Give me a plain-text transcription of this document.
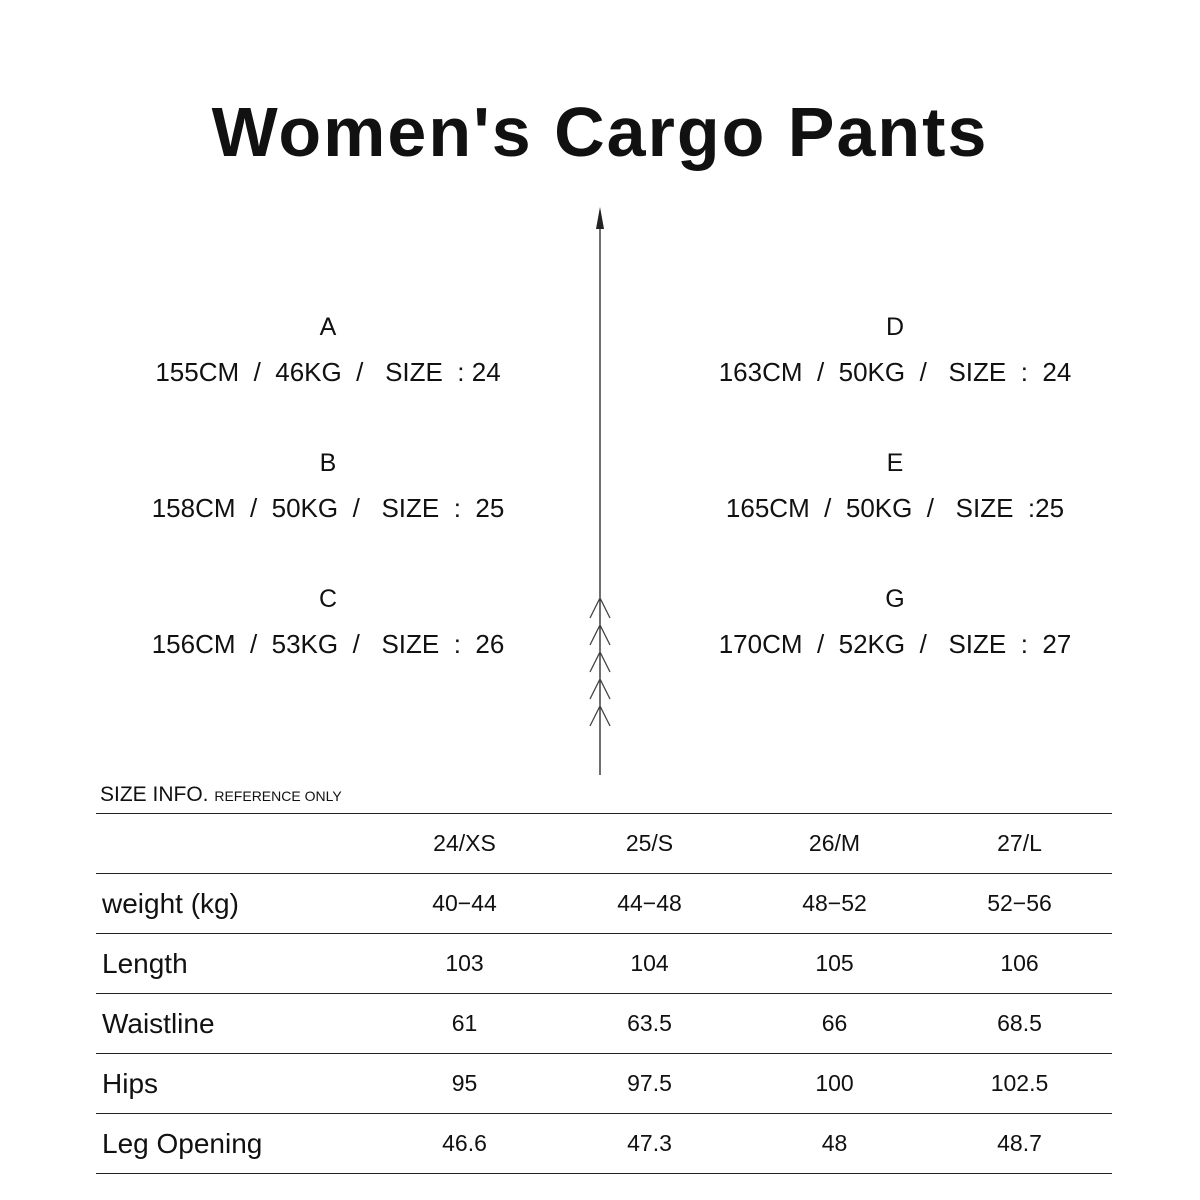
Women's Cargo Pants
A
155CM  /  46KG  /   SIZE  : 24
B
158CM  /  50KG  /   SIZE  :  25
C
156CM  /  53KG  /   SIZE  :  26
D
163CM  /  50KG  /   SIZE  :  24
E
165CM  /  50KG  /   SIZE  :25
G
170CM  /  52KG  /   SIZE  :  27
SIZE INFO. REFERENCE ONLY
	24/XS	25/S	26/M	27/L
weight (kg)	40−44	44−48	48−52	52−56
Length	103	104	105	106
Waistline	61	63.5	66	68.5
Hips	95	97.5	100	102.5
Leg Opening	46.6	47.3	48	48.7
